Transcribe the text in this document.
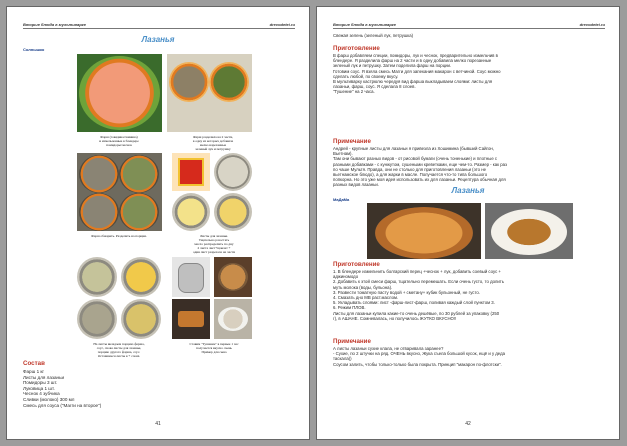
Вторые блюда в мультиварке	drevodetei.ru
Лазанья
Солнышко
Фарш (говядина/свинина)
и измельченные в блендере
помидоры/чеснок
Фарш разделила на 2 части,
в одну из которых добавила
мелко нарезанные
зеленый лук и петрушку
Фарш обжарить. Разделить на порции.	Листы для лазаньи.
Тщательно разостать
масло распределить по дну
2 листа лист+щавлет +
один лист разрезала на части
На листы вкладаем порцию фарша,
соус, снова листы для лазаньи,
порцию другого фарша, соус.
Оставшиеся листы в + слоях.
Ставим "Тушение" в первые 1 час
получается вкусно очень
Пример для сына
Состав
Фарш 1 кг
Листы для лазаньи
Помидоры 3 шт.
Луковица 1 шт.
Чеснок 4 зубчика
Сливки (молоко) 300 мл
Смесь для соуса ("Магги на второе")
41
Вторые блюда в мультиварке	drevodetei.ru
Свежая зелень (зеленый лук, петрушка)
Приготовление
В фарш добавляем специи, помидоры, лук и чеснок, предварительно измельчив в
блендере. Я разделила фарш на 2 части и в одну добавила мелко порезанные
зеленый лук и петрушку. Затем поделила фарш на порции.
Готовим соус. Я взяла смесь Магги для запекания макарон с ветчиной. Соус можно
сделать любой, по своему вкусу.
В мультиварку кастрюлю чередуя вид фарша выкладываем слоями: листы для
лазаньи, фарш, соус. Я сделала 8 слоев.
"Тушение" на 2 часа.
Примечание
Андрей - крупные листы для лазаньи я привезла из Хошимина (бывший Сайгон,
Вьетнам).
Там они бывают разных видов - от рисовой бумаги (очень тоненькие) и плотные с
разными добавками - с кунжутом, сушеными креветками, еще чем-то. Размер - как раз
по чаше Мультя. Правда, они не столько для приготовления лазаньи (это не
вьетнамское блюдо), а для жарки в масле. Получается что-то типа большого
попкорна. Но это уже моя идея использовать их для лазаньи. Рецептура обычная для
разных видов лазаньи.
Лазанья
МаДаМа
Приготовление
1. В блендере измельчить болгарский перец +чеснок + лук, добавить соевый соус +
аджиномодо
2. Добавить к этой смеси фарш, тщательно перемешать. Если очень густо, то долить
муть молока (воды, бульона).
3. Развести томатную пасту водой + сметану+ кубик бульонный, не густо.
4. Смазать дно МВ раст.маслом.
5. Укладывать слоями: лист -фарш-лист-фарш, поливая каждый слой пунктом 3.
6. Режим ПЛОВ.
Листы для лазаньи купила какие-то очень дешёвые, по 30 рублей за упаковку (250
г), в АШАНЕ. Сомневалась, но получилось ЖУТКО ВКУСНО!!
Примечание
А листы лазаньи сухие клала, не отваривала заранее?
- Сухие, по 2 штучки на ряд. ОЧЕНЬ вкусно, Жука съела большой кусок, ещё и у деда
таскала))
Соусом залить, чтобы только-только была покрыта. Принцип "макарон по-флотски".
42
